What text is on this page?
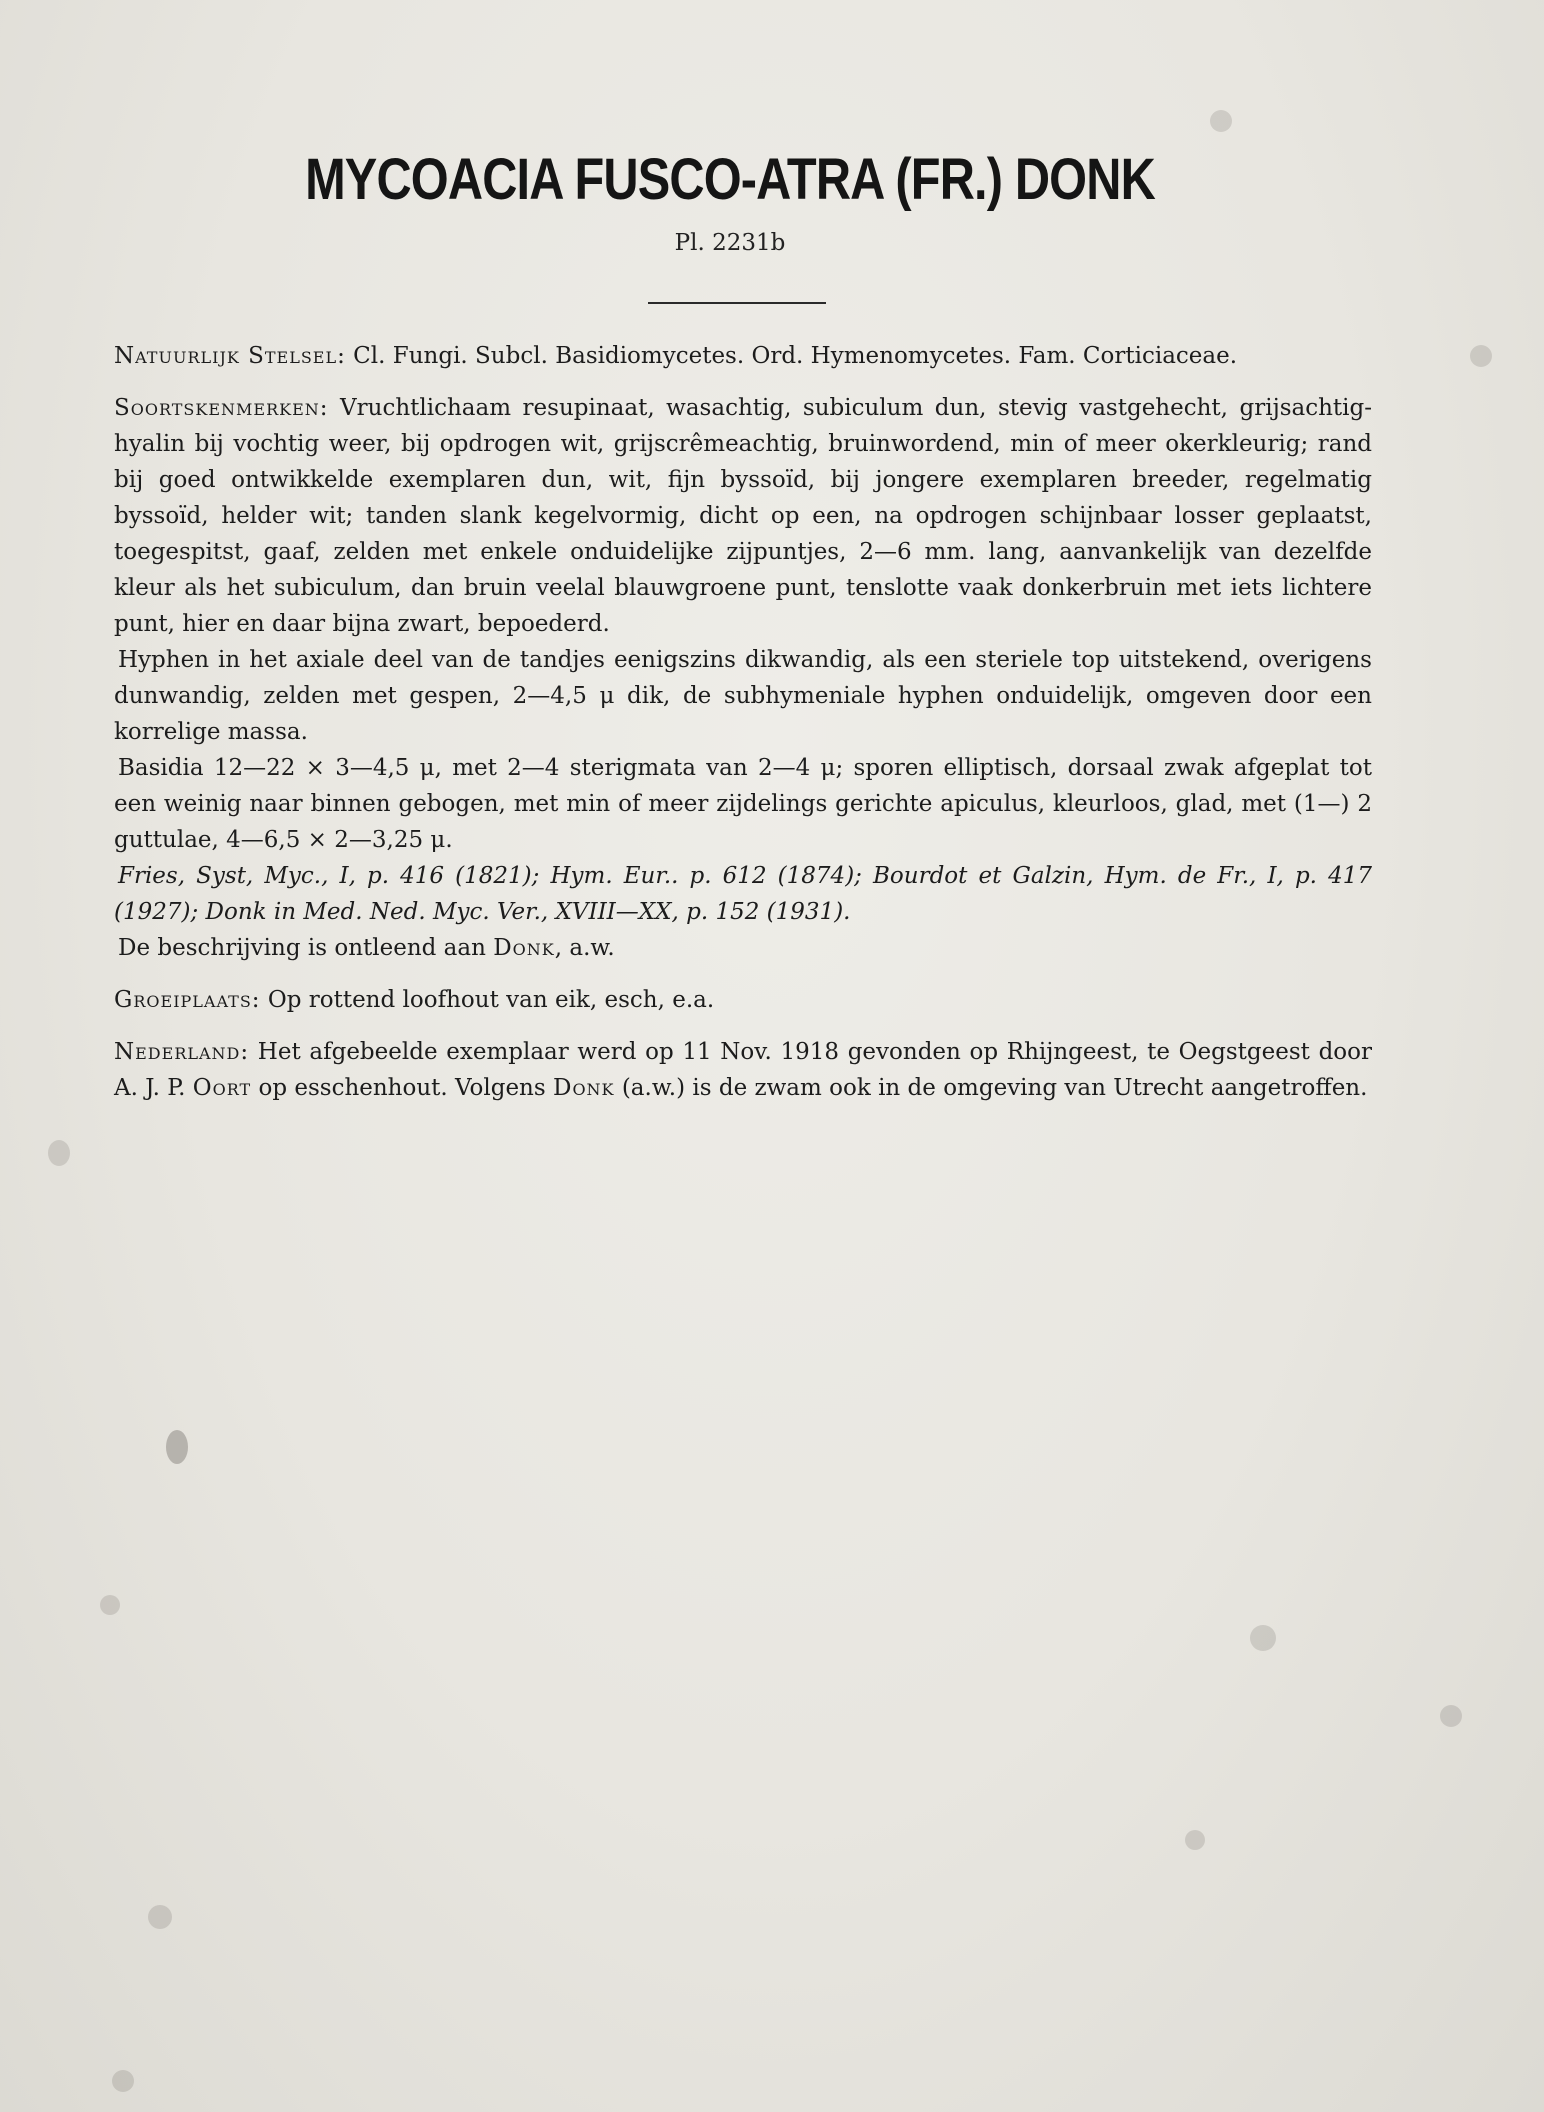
MYCOACIA FUSCO-ATRA (FR.) DONK
Pl. 2231b

Natuurlijk Stelsel: Cl. Fungi. Subcl. Basidiomycetes. Ord. Hymenomycetes. Fam. Corticiaceae.

Soortskenmerken: Vruchtlichaam resupinaat, wasachtig, subiculum dun, stevig vastgehecht, grijsachtig-hyalin bij vochtig weer, bij opdrogen wit, grijscrêmeachtig, bruinwordend, min of meer okerkleurig; rand bij goed ontwikkelde exemplaren dun, wit, fijn byssoïd, bij jongere exemplaren breeder, regelmatig byssoïd, helder wit; tanden slank kegelvormig, dicht op een, na opdrogen schijnbaar losser geplaatst, toegespitst, gaaf, zelden met enkele onduidelijke zijpuntjes, 2—6 mm. lang, aanvankelijk van dezelfde kleur als het subiculum, dan bruin veelal blauwgroene punt, tenslotte vaak donkerbruin met iets lichtere punt, hier en daar bijna zwart, bepoederd.

Hyphen in het axiale deel van de tandjes eenigszins dikwandig, als een steriele top uitstekend, overigens dunwandig, zelden met gespen, 2—4,5 μ dik, de subhymeniale hyphen onduidelijk, omgeven door een korrelige massa.

Basidia 12—22 × 3—4,5 μ, met 2—4 sterigmata van 2—4 μ; sporen elliptisch, dorsaal zwak afgeplat tot een weinig naar binnen gebogen, met min of meer zijdelings gerichte apiculus, kleurloos, glad, met (1—) 2 guttulae, 4—6,5 × 2—3,25 μ.

Fries, Syst, Myc., I, p. 416 (1821); Hym. Eur.. p. 612 (1874); Bourdot et Galzin, Hym. de Fr., I, p. 417 (1927); Donk in Med. Ned. Myc. Ver., XVIII—XX, p. 152 (1931).

De beschrijving is ontleend aan Donk, a.w.

Groeiplaats: Op rottend loofhout van eik, esch, e.a.

Nederland: Het afgebeelde exemplaar werd op 11 Nov. 1918 gevonden op Rhijngeest, te Oegstgeest door A. J. P. Oort op esschenhout. Volgens Donk (a.w.) is de zwam ook in de omgeving van Utrecht aangetroffen.
